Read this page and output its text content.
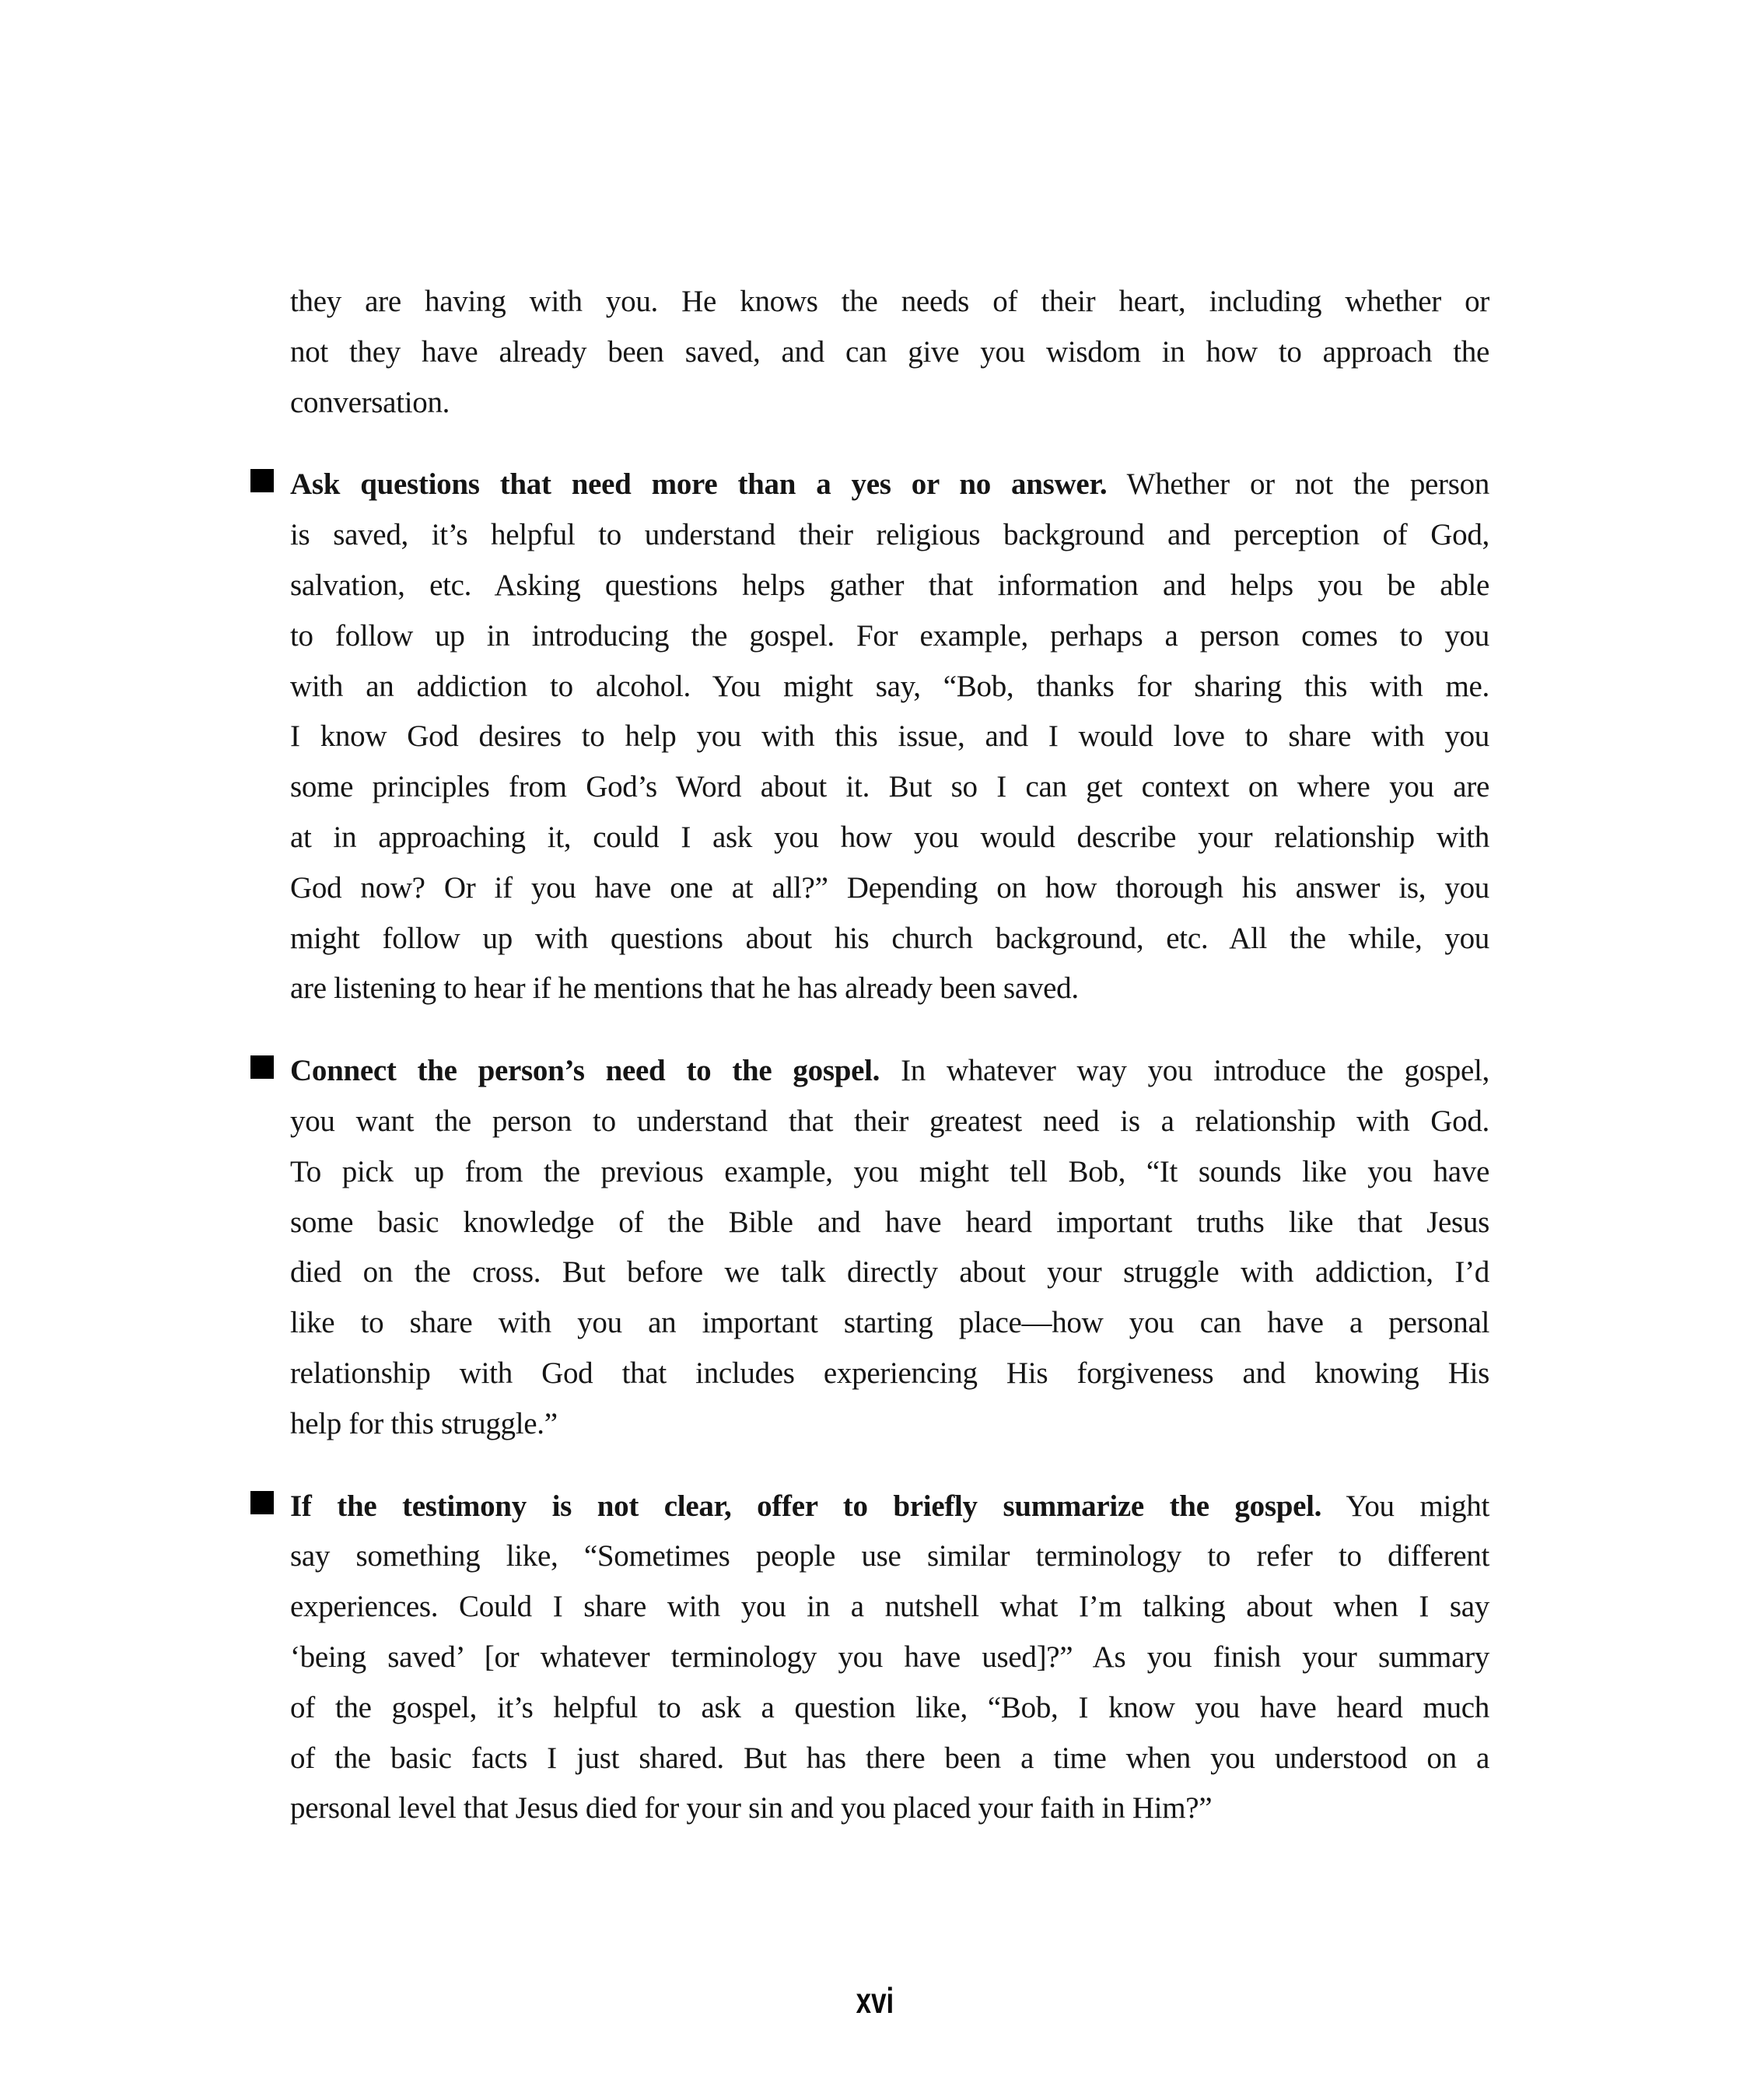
they are having with you. He knows the needs of their heart, including whether or
not they have already been saved, and can give you wisdom in how to approach the
conversation.
Ask questions that need more than a yes or no answer. Whether or not the person
is saved, it’s helpful to understand their religious background and perception of God,
salvation, etc. Asking questions helps gather that information and helps you be able
to follow up in introducing the gospel. For example, perhaps a person comes to you
with an addiction to alcohol. You might say, “Bob, thanks for sharing this with me.
I know God desires to help you with this issue, and I would love to share with you
some principles from God’s Word about it. But so I can get context on where you are
at in approaching it, could I ask you how you would describe your relationship with
God now? Or if you have one at all?” Depending on how thorough his answer is, you
might follow up with questions about his church background, etc. All the while, you
are listening to hear if he mentions that he has already been saved.
Connect the person’s need to the gospel. In whatever way you introduce the gospel,
you want the person to understand that their greatest need is a relationship with God.
To pick up from the previous example, you might tell Bob, “It sounds like you have
some basic knowledge of the Bible and have heard important truths like that Jesus
died on the cross. But before we talk directly about your struggle with addiction, I’d
like to share with you an important starting place—how you can have a personal
relationship with God that includes experiencing His forgiveness and knowing His
help for this struggle.”
If the testimony is not clear, offer to briefly summarize the gospel. You might
say something like, “Sometimes people use similar terminology to refer to different
experiences. Could I share with you in a nutshell what I’m talking about when I say
‘being saved’ [or whatever terminology you have used]?” As you finish your summary
of the gospel, it’s helpful to ask a question like, “Bob, I know you have heard much
of the basic facts I just shared. But has there been a time when you understood on a
personal level that Jesus died for your sin and you placed your faith in Him?”
xvi
